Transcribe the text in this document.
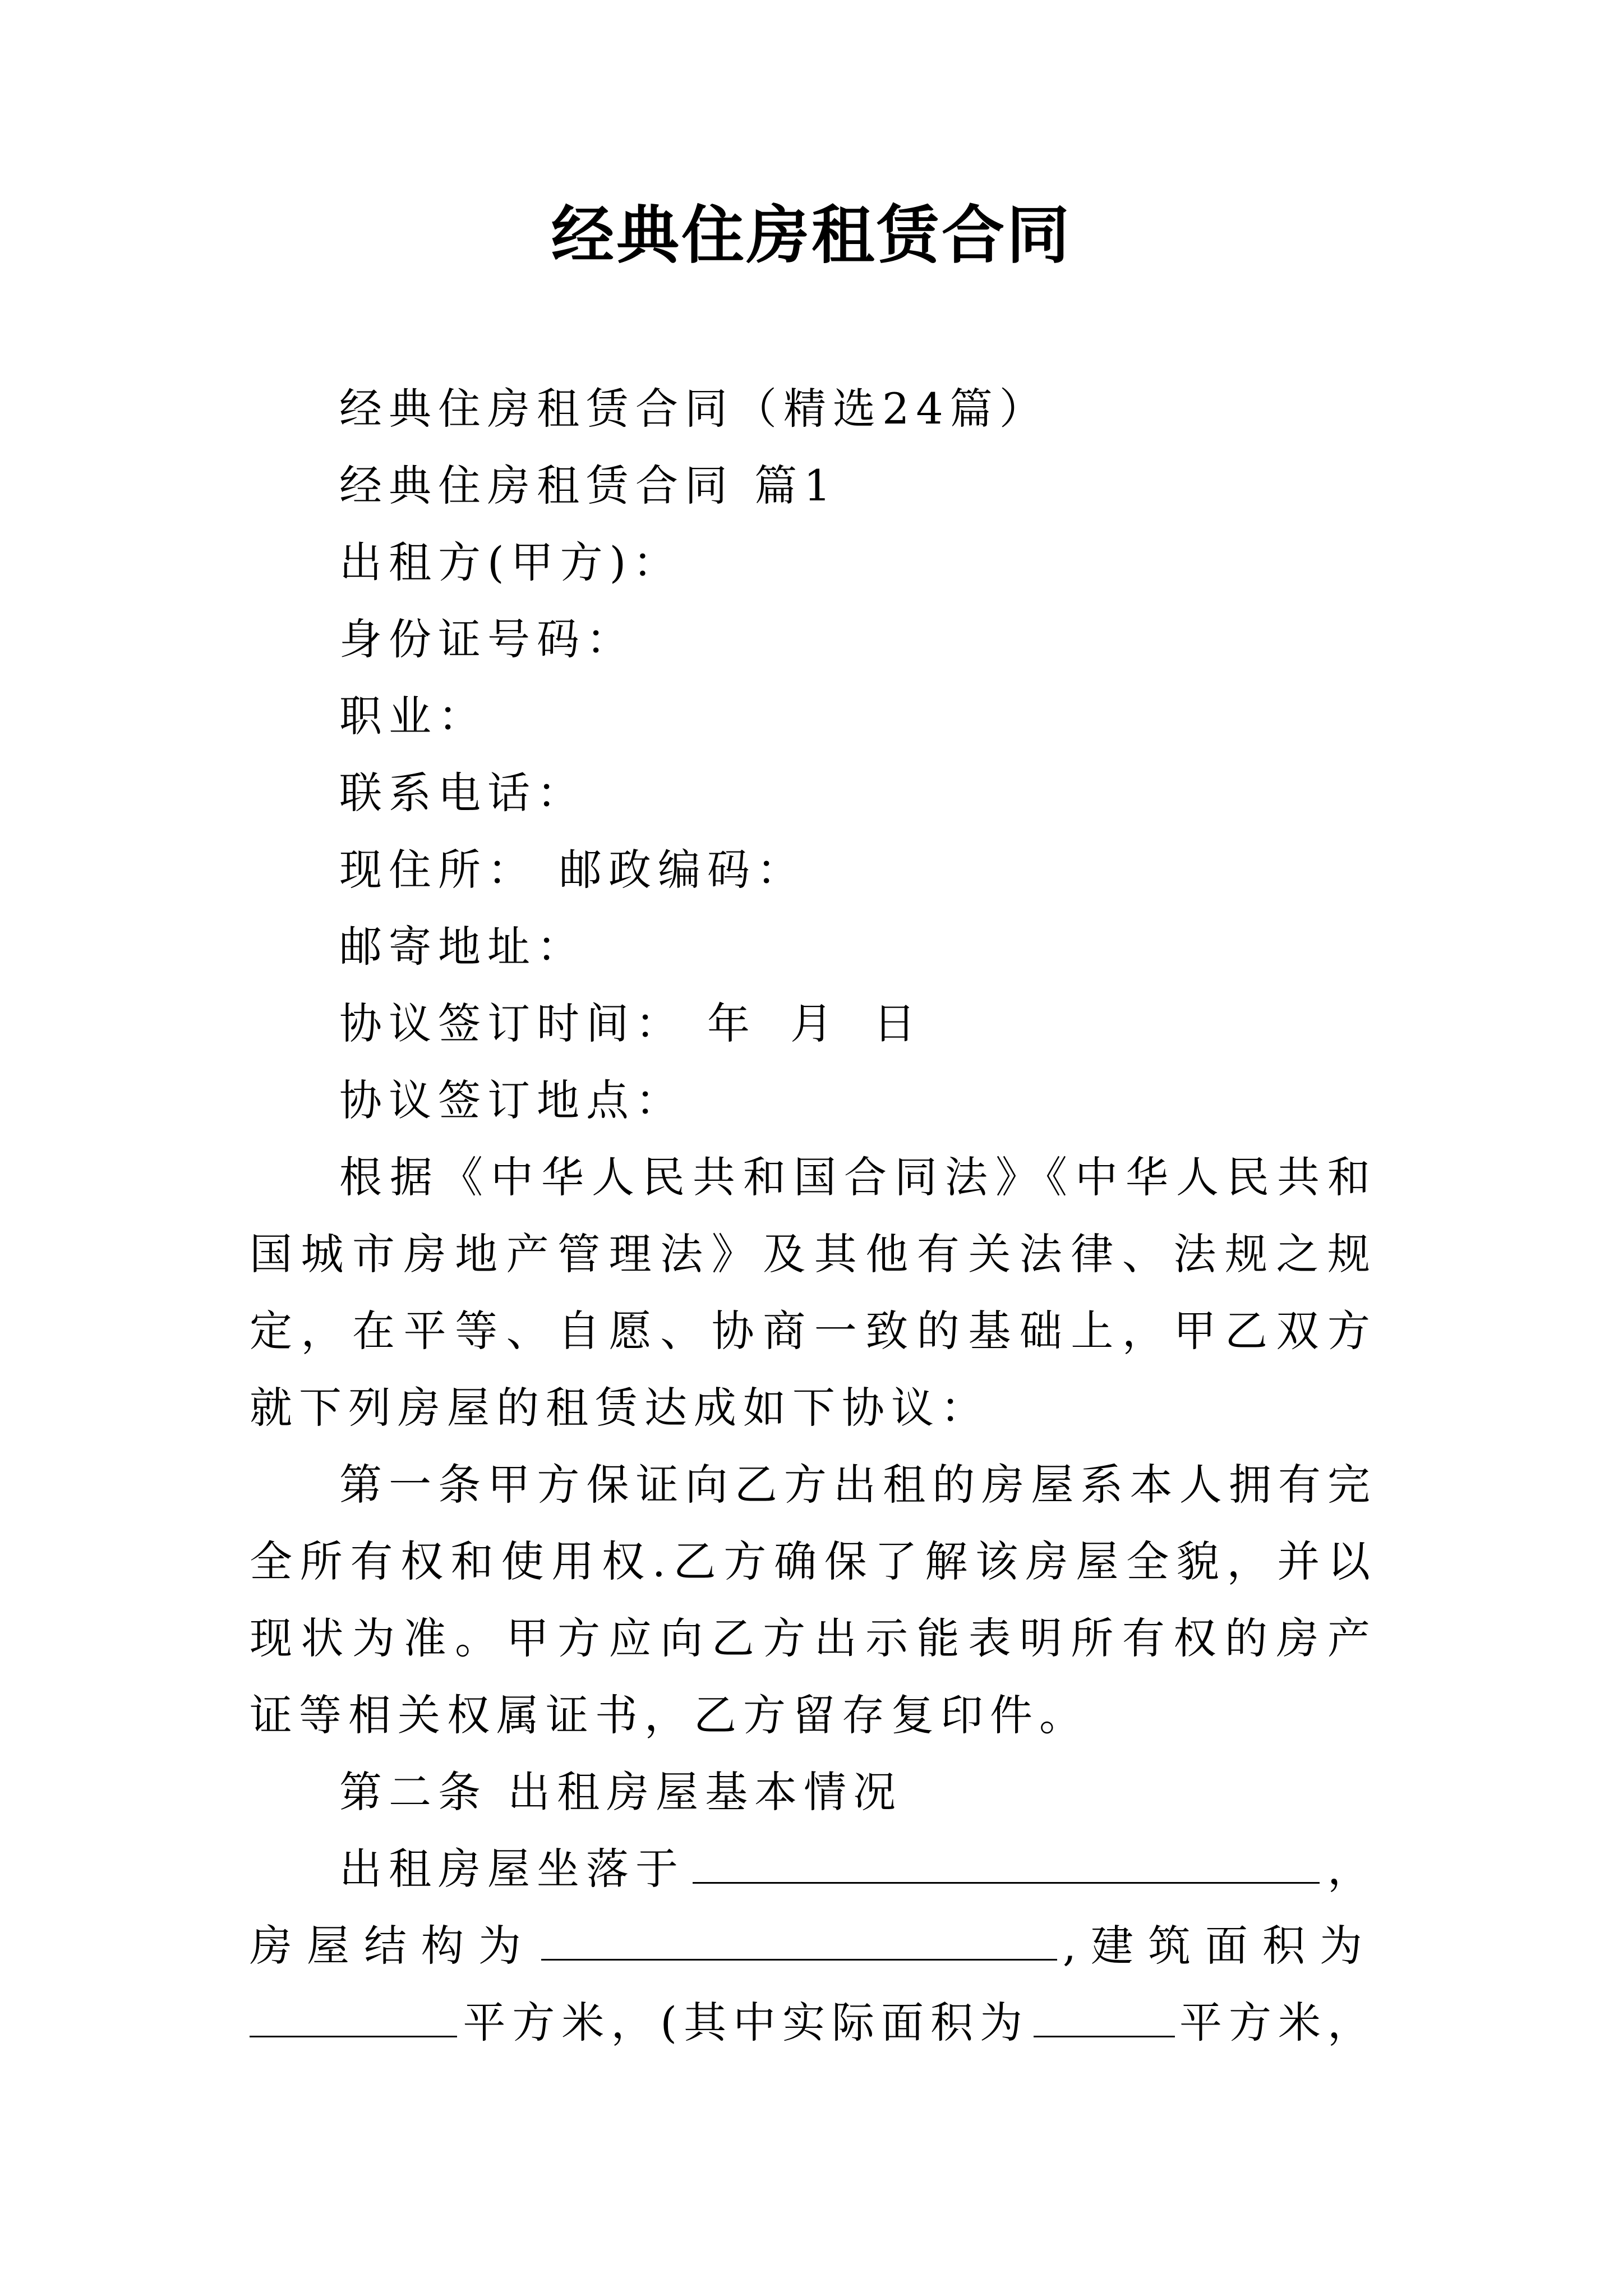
经典住房租赁合同
经典住房租赁合同（精选24篇）
经典住房租赁合同 篇1
出租方(甲方)：
身份证号码：
职业：
联系电话：
现住所： 邮政编码：
邮寄地址：
协议签订时间： 年 月 日
协议签订地点：
根据《中华人民共和国合同法》《中华人民共和国城市房地产管理法》及其他有关法律、法规之规定，在平等、自愿、协商一致的基础上，甲乙双方就下列房屋的租赁达成如下协议：
第一条甲方保证向乙方出租的房屋系本人拥有完全所有权和使用权.乙方确保了解该房屋全貌，并以现状为准。甲方应向乙方出示能表明所有权的房产证等相关权属证书，乙方留存复印件。
第二条 出租房屋基本情况
出租房屋坐落于	，
房屋结构为	,建筑面积为
平方米，(其中实际面积为	平方米，
